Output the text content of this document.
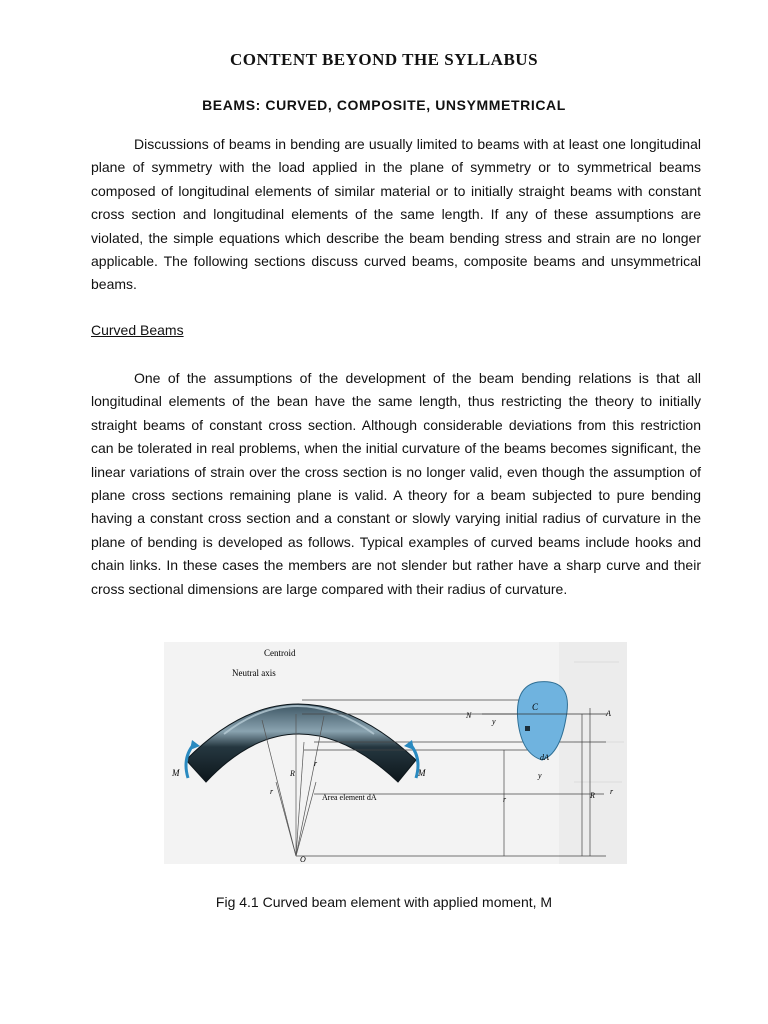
CONTENT BEYOND THE SYLLABUS
BEAMS: CURVED, COMPOSITE, UNSYMMETRICAL

Discussions of beams in bending are usually limited to beams with at least one longitudinal plane of symmetry with the load applied in the plane of symmetry or to symmetrical beams composed of longitudinal elements of similar material or to initially straight beams with constant cross section and longitudinal elements of the same length. If any of these assumptions are violated, the simple equations which describe the beam bending stress and strain are no longer applicable. The following sections discuss curved beams, composite beams and unsymmetrical beams.

Curved Beams

One of the assumptions of the development of the beam bending relations is that all longitudinal elements of the bean have the same length, thus restricting the theory to initially straight beams of constant cross section. Although considerable deviations from this restriction can be tolerated in real problems, when the initial curvature of the beams becomes significant, the linear variations of strain over the cross section is no longer valid, even though the assumption of plane cross sections remaining plane is valid. A theory for a beam subjected to pure bending having a constant cross section and a constant or slowly varying initial radius of curvature in the plane of bending is developed as follows. Typical examples of curved beams include hooks and chain links. In these cases the members are not slender but rather have a sharp curve and their cross sectional dimensions are large compared with their radius of curvature.

Centroid
Neutral axis
Area element dA
M	M
R
r
O
C
N
y
y
dA
A
R
r
r
r
Fig 4.1 Curved beam element with applied moment, M
